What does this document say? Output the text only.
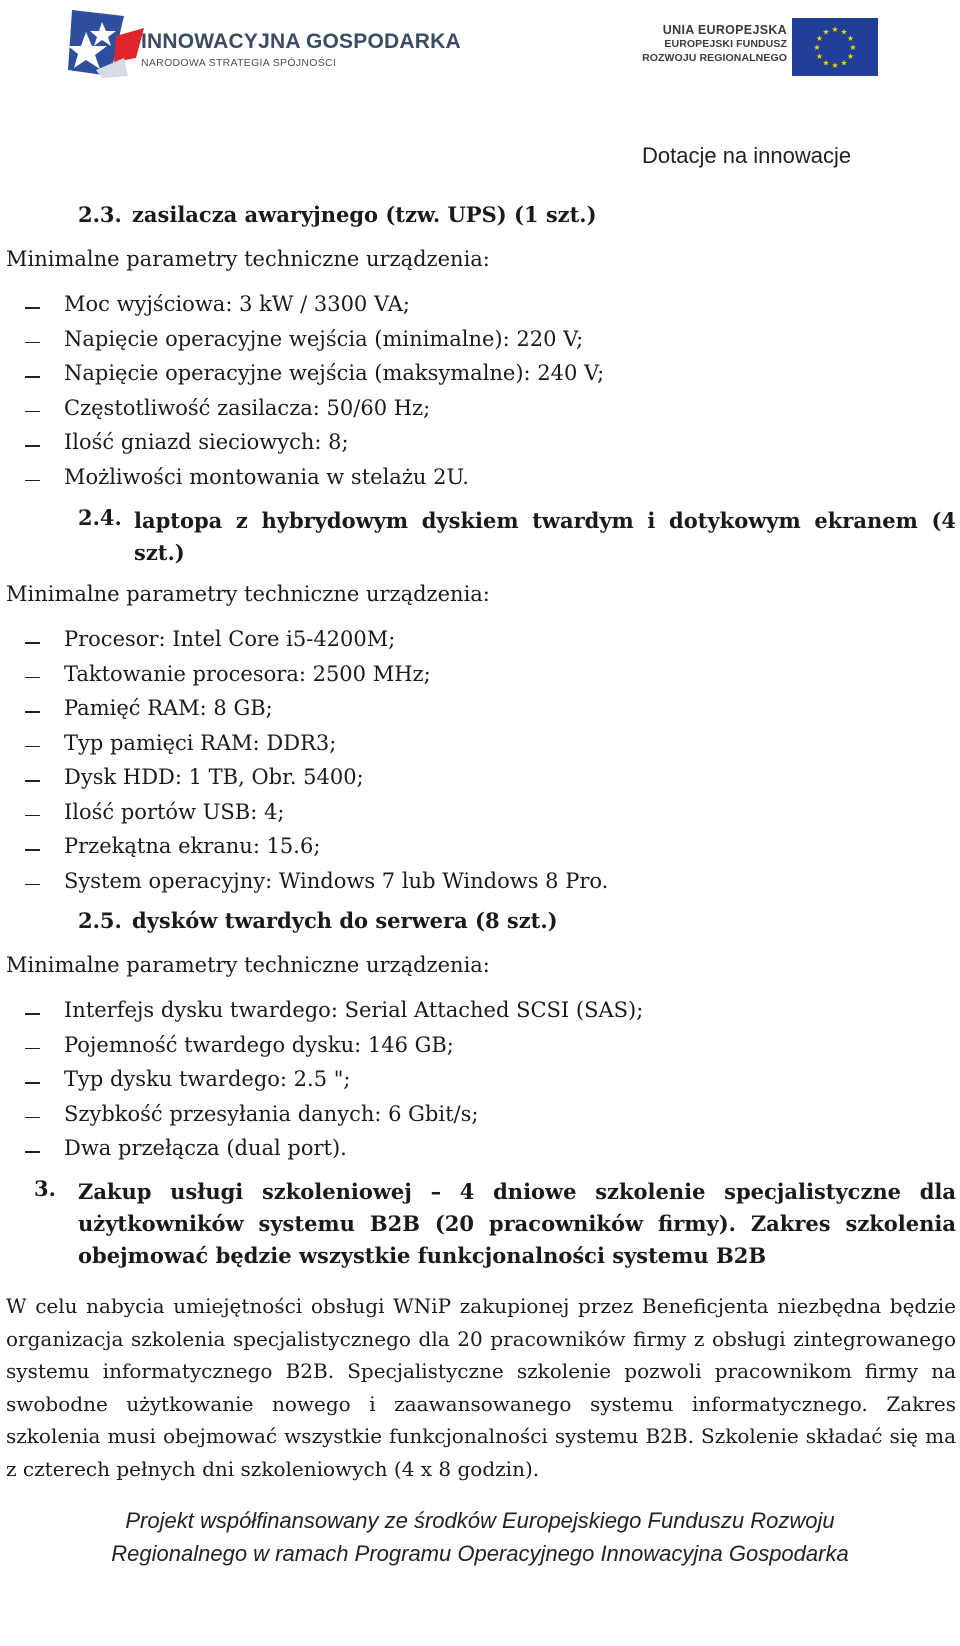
INNOWACYJNA GOSPODARKA
NARODOWA STRATEGIA SPÓJNOŚCI
UNIA EUROPEJSKA
EUROPEJSKI FUNDUSZ
ROZWOJU REGIONALNEGO
★ ★
★
★
★
★
★
★
★
★
★
★
Dotacje na innowacje
2.3. zasilacza awaryjnego (tzw. UPS) (1 szt.)
Minimalne parametry techniczne urządzenia:
Moc wyjściowa: 3 kW / 3300 VA;
Napięcie operacyjne wejścia (minimalne): 220 V;
Napięcie operacyjne wejścia (maksymalne): 240 V;
Częstotliwość zasilacza: 50/60 Hz;
Ilość gniazd sieciowych: 8;
Możliwości montowania w stelażu 2U.
2.4. laptopa z hybrydowym dyskiem twardym i dotykowym ekranem (4 szt.)
Minimalne parametry techniczne urządzenia:
Procesor: Intel Core i5-4200M;
Taktowanie procesora: 2500 MHz;
Pamięć RAM: 8 GB;
Typ pamięci RAM: DDR3;
Dysk HDD: 1 TB, Obr. 5400;
Ilość portów USB: 4;
Przekątna ekranu: 15.6;
System operacyjny: Windows 7 lub Windows 8 Pro.
2.5. dysków twardych do serwera (8 szt.)
Minimalne parametry techniczne urządzenia:
Interfejs dysku twardego: Serial Attached SCSI (SAS);
Pojemność twardego dysku: 146 GB;
Typ dysku twardego: 2.5 ";
Szybkość przesyłania danych: 6 Gbit/s;
Dwa przełącza (dual port).
3. Zakup usługi szkoleniowej – 4 dniowe szkolenie specjalistyczne dla użytkowników systemu B2B (20 pracowników firmy). Zakres szkolenia obejmować będzie wszystkie funkcjonalności systemu B2B
W celu nabycia umiejętności obsługi WNiP zakupionej przez Beneficjenta niezbędna będzie organizacja szkolenia specjalistycznego dla 20 pracowników firmy z obsługi zintegrowanego systemu informatycznego B2B. Specjalistyczne szkolenie pozwoli pracownikom firmy na swobodne użytkowanie nowego i zaawansowanego systemu informatycznego. Zakres szkolenia musi obejmować wszystkie funkcjonalności systemu B2B. Szkolenie składać się ma z czterech pełnych dni szkoleniowych (4 x 8 godzin).
Projekt współfinansowany ze środków Europejskiego Funduszu Rozwoju
Regionalnego w ramach Programu Operacyjnego Innowacyjna Gospodarka
